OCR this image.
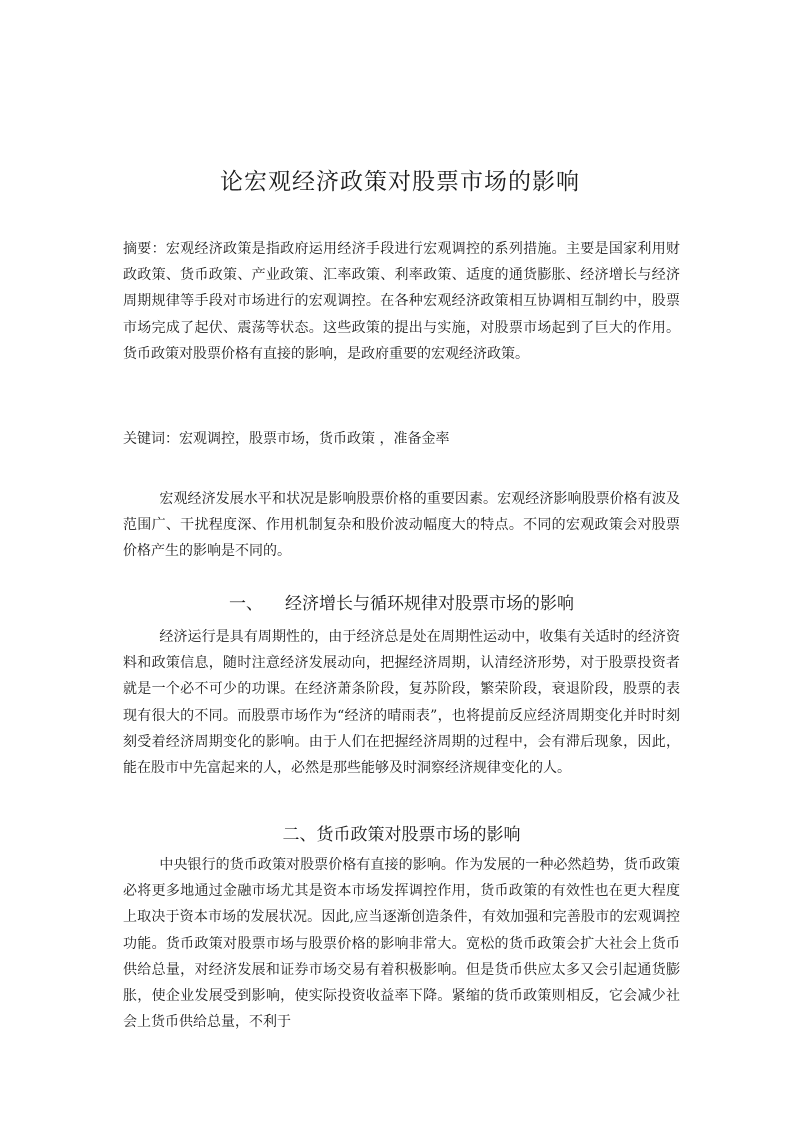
论宏观经济政策对股票市场的影响

摘要：宏观经济政策是指政府运用经济手段进行宏观调控的系列措施。主要是国家利用财政政策、货币政策、产业政策、汇率政策、利率政策、适度的通货膨胀、经济增长与经济周期规律等手段对市场进行的宏观调控。在各种宏观经济政策相互协调相互制约中，股票市场完成了起伏、震荡等状态。这些政策的提出与实施，对股票市场起到了巨大的作用。货币政策对股票价格有直接的影响，是政府重要的宏观经济政策。

关键词：宏观调控，股票市场，货币政策 ，准备金率

宏观经济发展水平和状况是影响股票价格的重要因素。宏观经济影响股票价格有波及范围广、干扰程度深、作用机制复杂和股价波动幅度大的特点。不同的宏观政策会对股票价格产生的影响是不同的。

一、 经济增长与循环规律对股票市场的影响

经济运行是具有周期性的，由于经济总是处在周期性运动中，收集有关适时的经济资料和政策信息，随时注意经济发展动向，把握经济周期，认清经济形势，对于股票投资者就是一个必不可少的功课。在经济萧条阶段，复苏阶段，繁荣阶段，衰退阶段，股票的表现有很大的不同。而股票市场作为“经济的晴雨表”，也将提前反应经济周期变化并时时刻刻受着经济周期变化的影响。由于人们在把握经济周期的过程中，会有滞后现象，因此，能在股市中先富起来的人，必然是那些能够及时洞察经济规律变化的人。

二、货币政策对股票市场的影响

中央银行的货币政策对股票价格有直接的影响。作为发展的一种必然趋势，货币政策必将更多地通过金融市场尤其是资本市场发挥调控作用，货币政策的有效性也在更大程度上取决于资本市场的发展状况。因此,应当逐渐创造条件，有效加强和完善股市的宏观调控功能。货币政策对股票市场与股票价格的影响非常大。宽松的货币政策会扩大社会上货币供给总量，对经济发展和证券市场交易有着积极影响。但是货币供应太多又会引起通货膨胀，使企业发展受到影响，使实际投资收益率下降。紧缩的货币政策则相反，它会减少社会上货币供给总量，不利于
